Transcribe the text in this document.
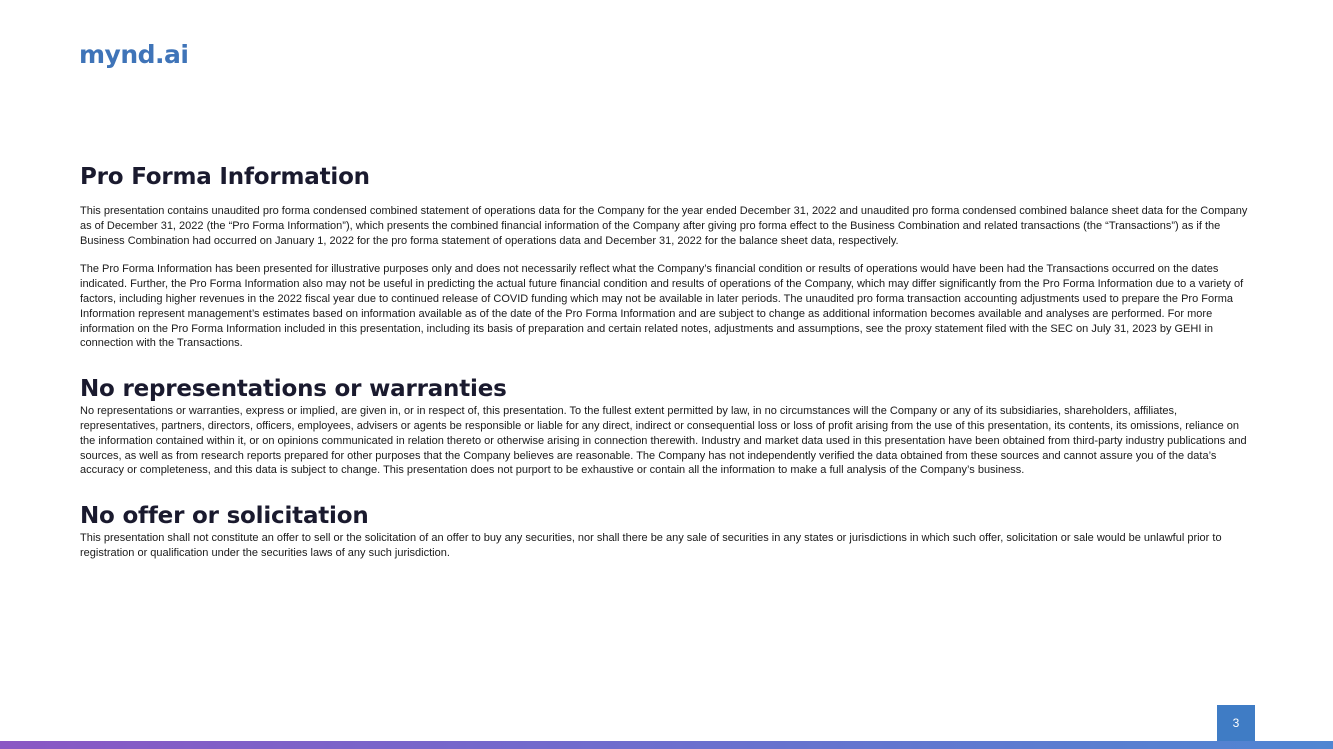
mynd.ai
Pro Forma Information

This presentation contains unaudited pro forma condensed combined statement of operations data for the Company for the year ended December 31, 2022 and unaudited pro forma condensed combined balance sheet data for the Company as of December 31, 2022 (the “Pro Forma Information”), which presents the combined financial information of the Company after giving pro forma effect to the Business Combination and related transactions (the “Transactions”) as if the Business Combination had occurred on January 1, 2022 for the pro forma statement of operations data and December 31, 2022 for the balance sheet data, respectively.

The Pro Forma Information has been presented for illustrative purposes only and does not necessarily reflect what the Company’s financial condition or results of operations would have been had the Transactions occurred on the dates indicated. Further, the Pro Forma Information also may not be useful in predicting the actual future financial condition and results of operations of the Company, which may differ significantly from the Pro Forma Information due to a variety of factors, including higher revenues in the 2022 fiscal year due to continued release of COVID funding which may not be available in later periods. The unaudited pro forma transaction accounting adjustments used to prepare the Pro Forma Information represent management’s estimates based on information available as of the date of the Pro Forma Information and are subject to change as additional information becomes available and analyses are performed. For more information on the Pro Forma Information included in this presentation, including its basis of preparation and certain related notes, adjustments and assumptions, see the proxy statement filed with the SEC on July 31, 2023 by GEHI in connection with the Transactions.

No representations or warranties

No representations or warranties, express or implied, are given in, or in respect of, this presentation. To the fullest extent permitted by law, in no circumstances will the Company or any of its subsidiaries, shareholders, affiliates, representatives, partners, directors, officers, employees, advisers or agents be responsible or liable for any direct, indirect or consequential loss or loss of profit arising from the use of this presentation, its contents, its omissions, reliance on the information contained within it, or on opinions communicated in relation thereto or otherwise arising in connection therewith. Industry and market data used in this presentation have been obtained from third-party industry publications and sources, as well as from research reports prepared for other purposes that the Company believes are reasonable. The Company has not independently verified the data obtained from these sources and cannot assure you of the data’s accuracy or completeness, and this data is subject to change. This presentation does not purport to be exhaustive or contain all the information to make a full analysis of the Company’s business.

No offer or solicitation

This presentation shall not constitute an offer to sell or the solicitation of an offer to buy any securities, nor shall there be any sale of securities in any states or jurisdictions in which such offer, solicitation or sale would be unlawful prior to registration or qualification under the securities laws of any such jurisdiction.

3
